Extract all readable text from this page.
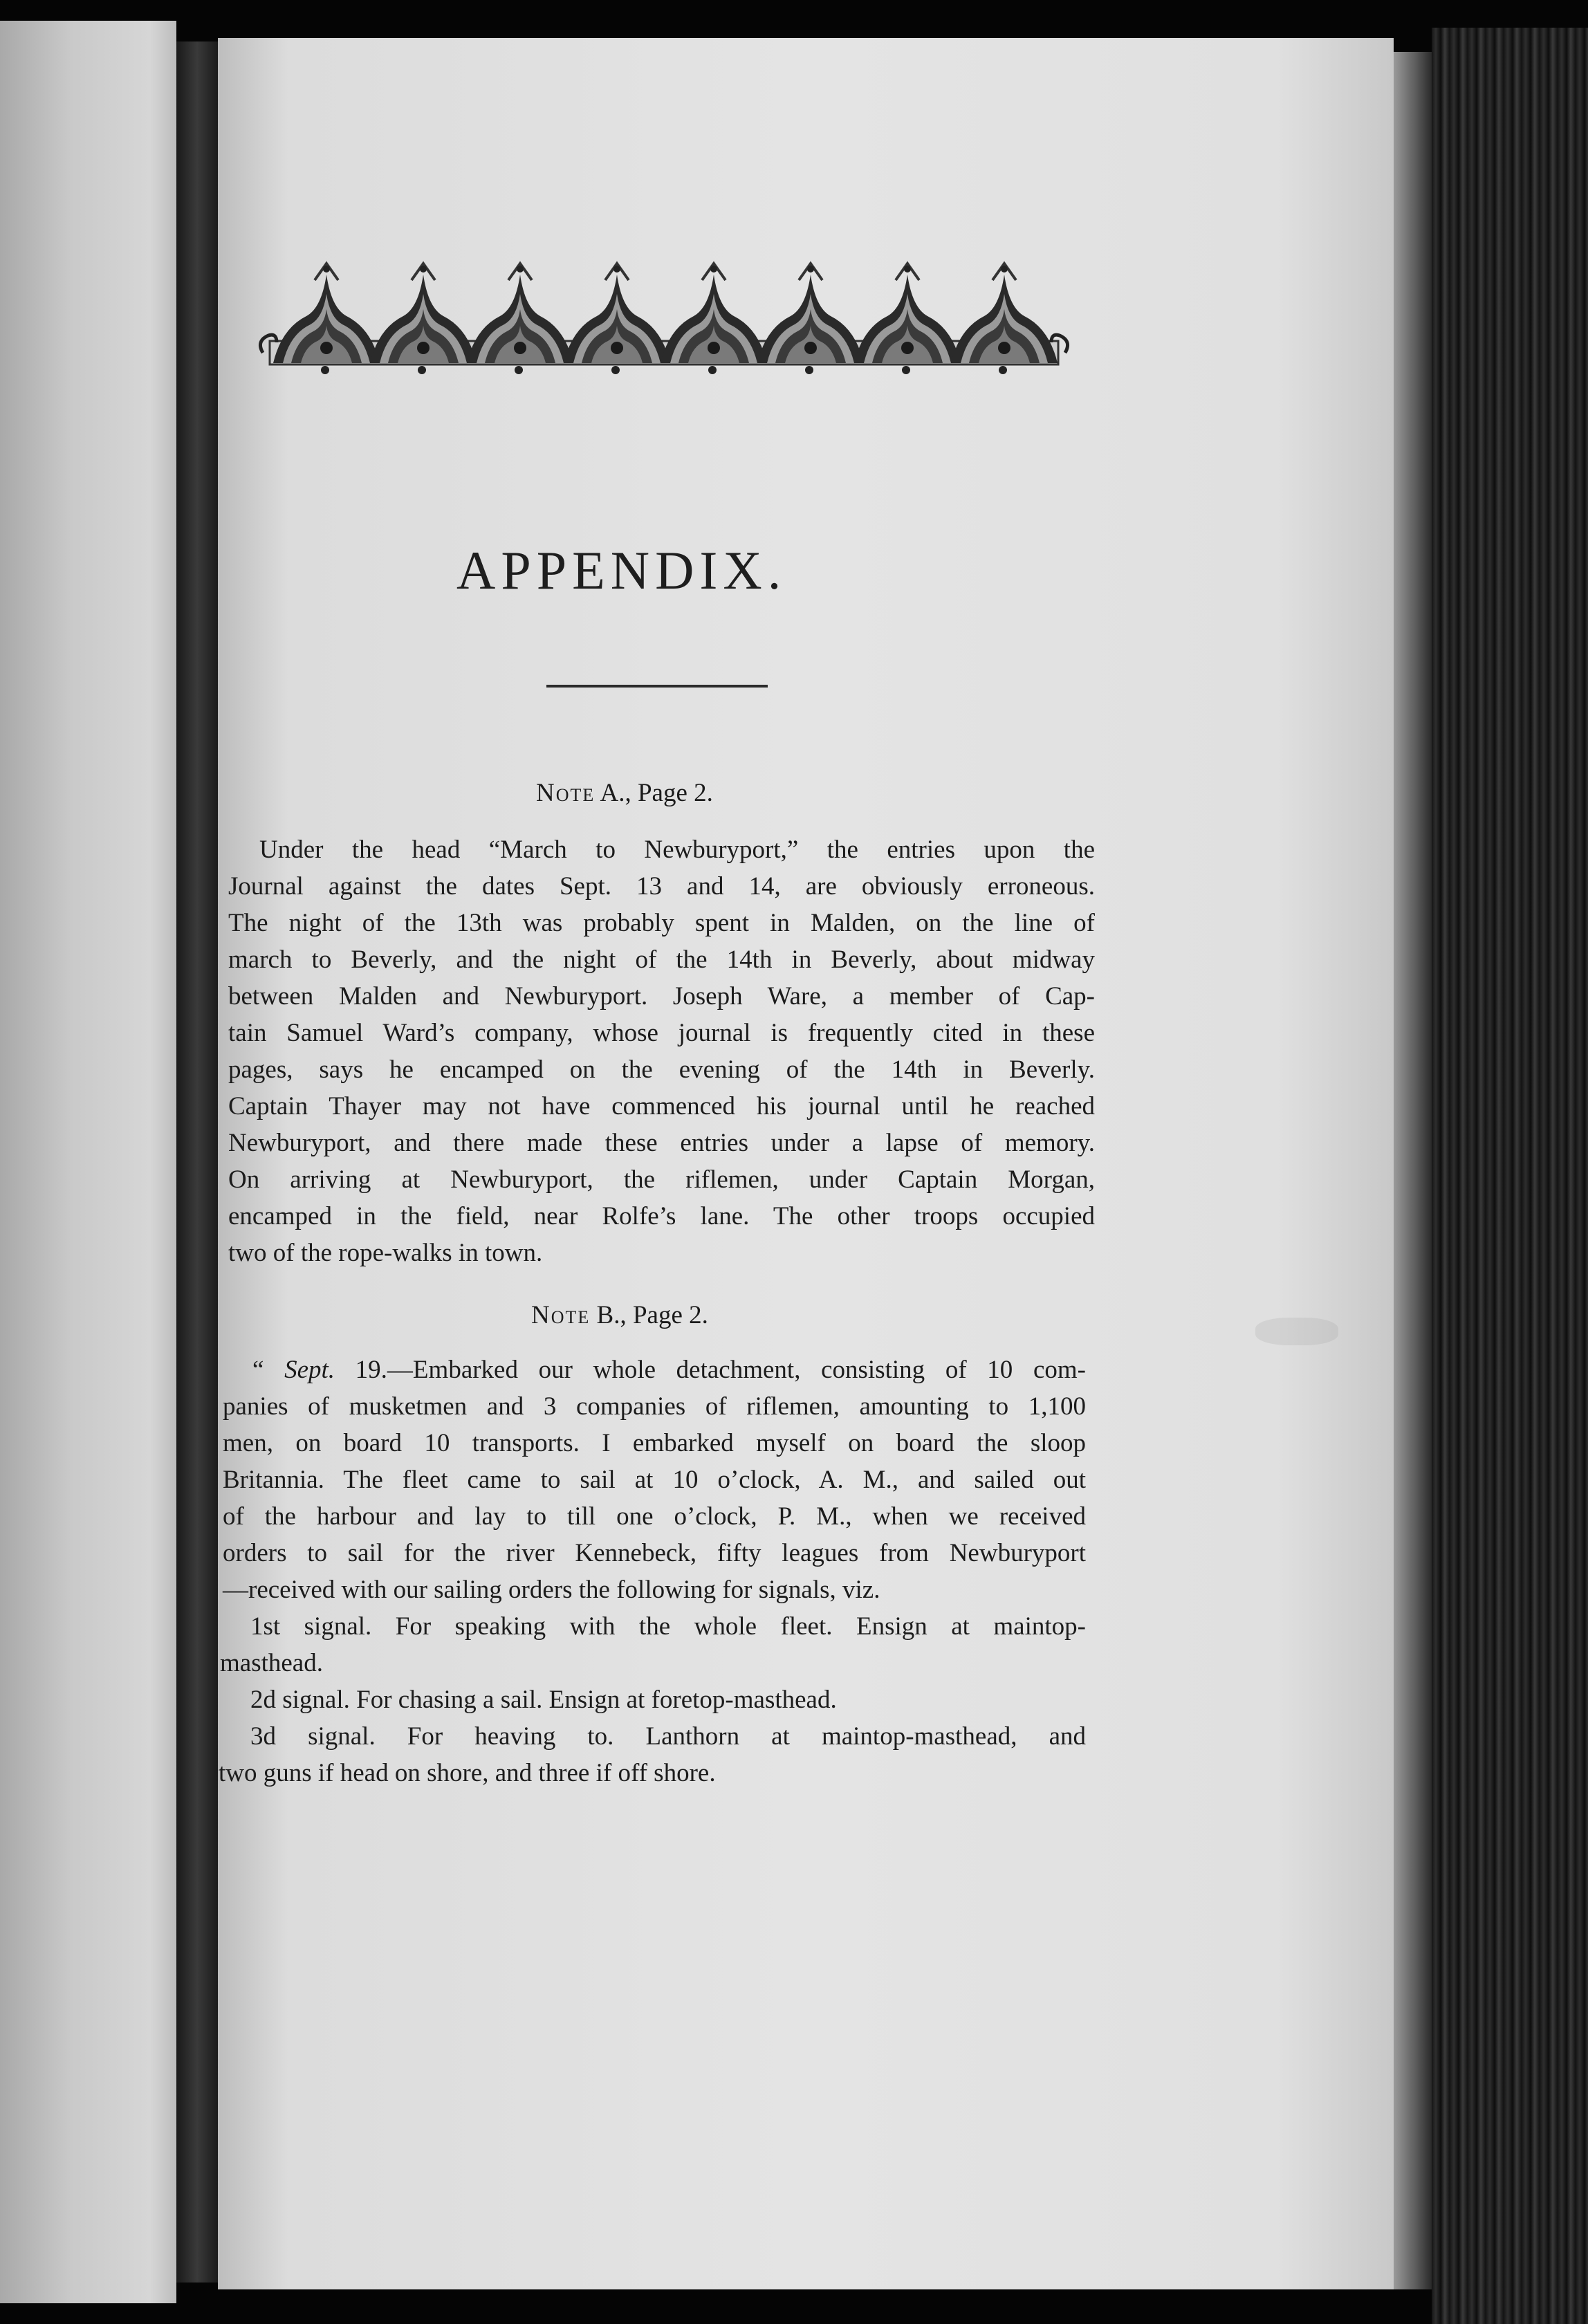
APPENDIX.
Note A., Page 2.
Under the head “March to Newburyport,” the entries upon the
Journal against the dates Sept. 13 and 14, are obviously erroneous.
The night of the 13th was probably spent in Malden, on the line of
march to Beverly, and the night of the 14th in Beverly, about midway
between Malden and Newburyport. Joseph Ware, a member of Cap-
tain Samuel Ward’s company, whose journal is frequently cited in these
pages, says he encamped on the evening of the 14th in Beverly.
Captain Thayer may not have commenced his journal until he reached
Newburyport, and there made these entries under a lapse of memory.
On arriving at Newburyport, the riflemen, under Captain Morgan,
encamped in the field, near Rolfe’s lane. The other troops occupied
two of the rope-walks in town.
Note B., Page 2.
“ Sept. 19.—Embarked our whole detachment, consisting of 10 com-
panies of musketmen and 3 companies of riflemen, amounting to 1,100
men, on board 10 transports. I embarked myself on board the sloop
Britannia. The fleet came to sail at 10 o’clock, A. M., and sailed out
of the harbour and lay to till one o’clock, P. M., when we received
orders to sail for the river Kennebeck, fifty leagues from Newburyport
—received with our sailing orders the following for signals, viz.
1st signal. For speaking with the whole fleet. Ensign at maintop-
masthead.
2d signal. For chasing a sail. Ensign at foretop-masthead.
3d signal. For heaving to. Lanthorn at maintop-masthead, and
two guns if head on shore, and three if off shore.
